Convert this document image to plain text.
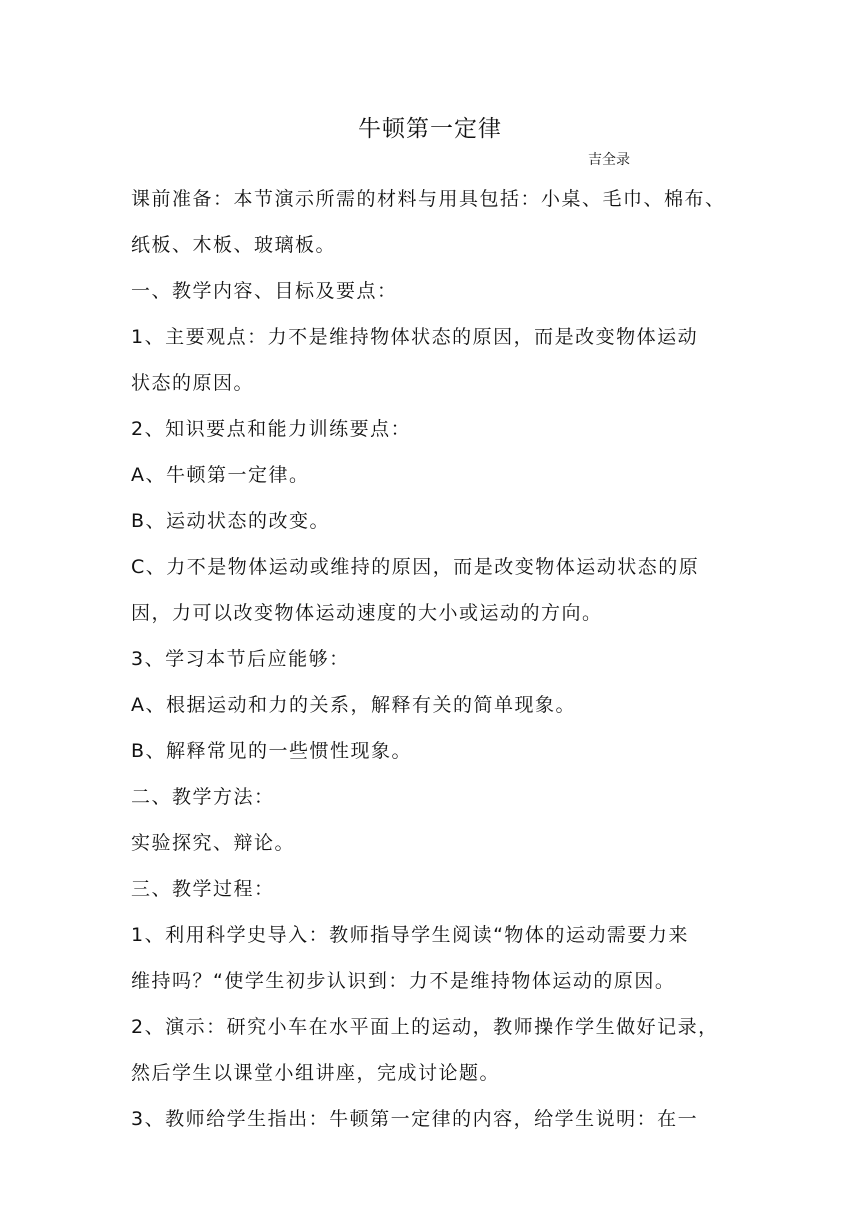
牛顿第一定律

吉全录

课前准备：本节演示所需的材料与用具包括：小桌、毛巾、棉布、
纸板、木板、玻璃板。
一、教学内容、目标及要点：
1、主要观点：力不是维持物体状态的原因，而是改变物体运动
状态的原因。
2、知识要点和能力训练要点：
A、牛顿第一定律。
B、运动状态的改变。
C、力不是物体运动或维持的原因，而是改变物体运动状态的原
因，力可以改变物体运动速度的大小或运动的方向。
3、学习本节后应能够：
A、根据运动和力的关系，解释有关的简单现象。
B、解释常见的一些惯性现象。
二、教学方法：
实验探究、辩论。
三、教学过程：
1、利用科学史导入：教师指导学生阅读“物体的运动需要力来
维持吗？“使学生初步认识到：力不是维持物体运动的原因。
2、演示：研究小车在水平面上的运动，教师操作学生做好记录，
然后学生以课堂小组讲座，完成讨论题。
3、教师给学生指出：牛顿第一定律的内容，给学生说明：在一
